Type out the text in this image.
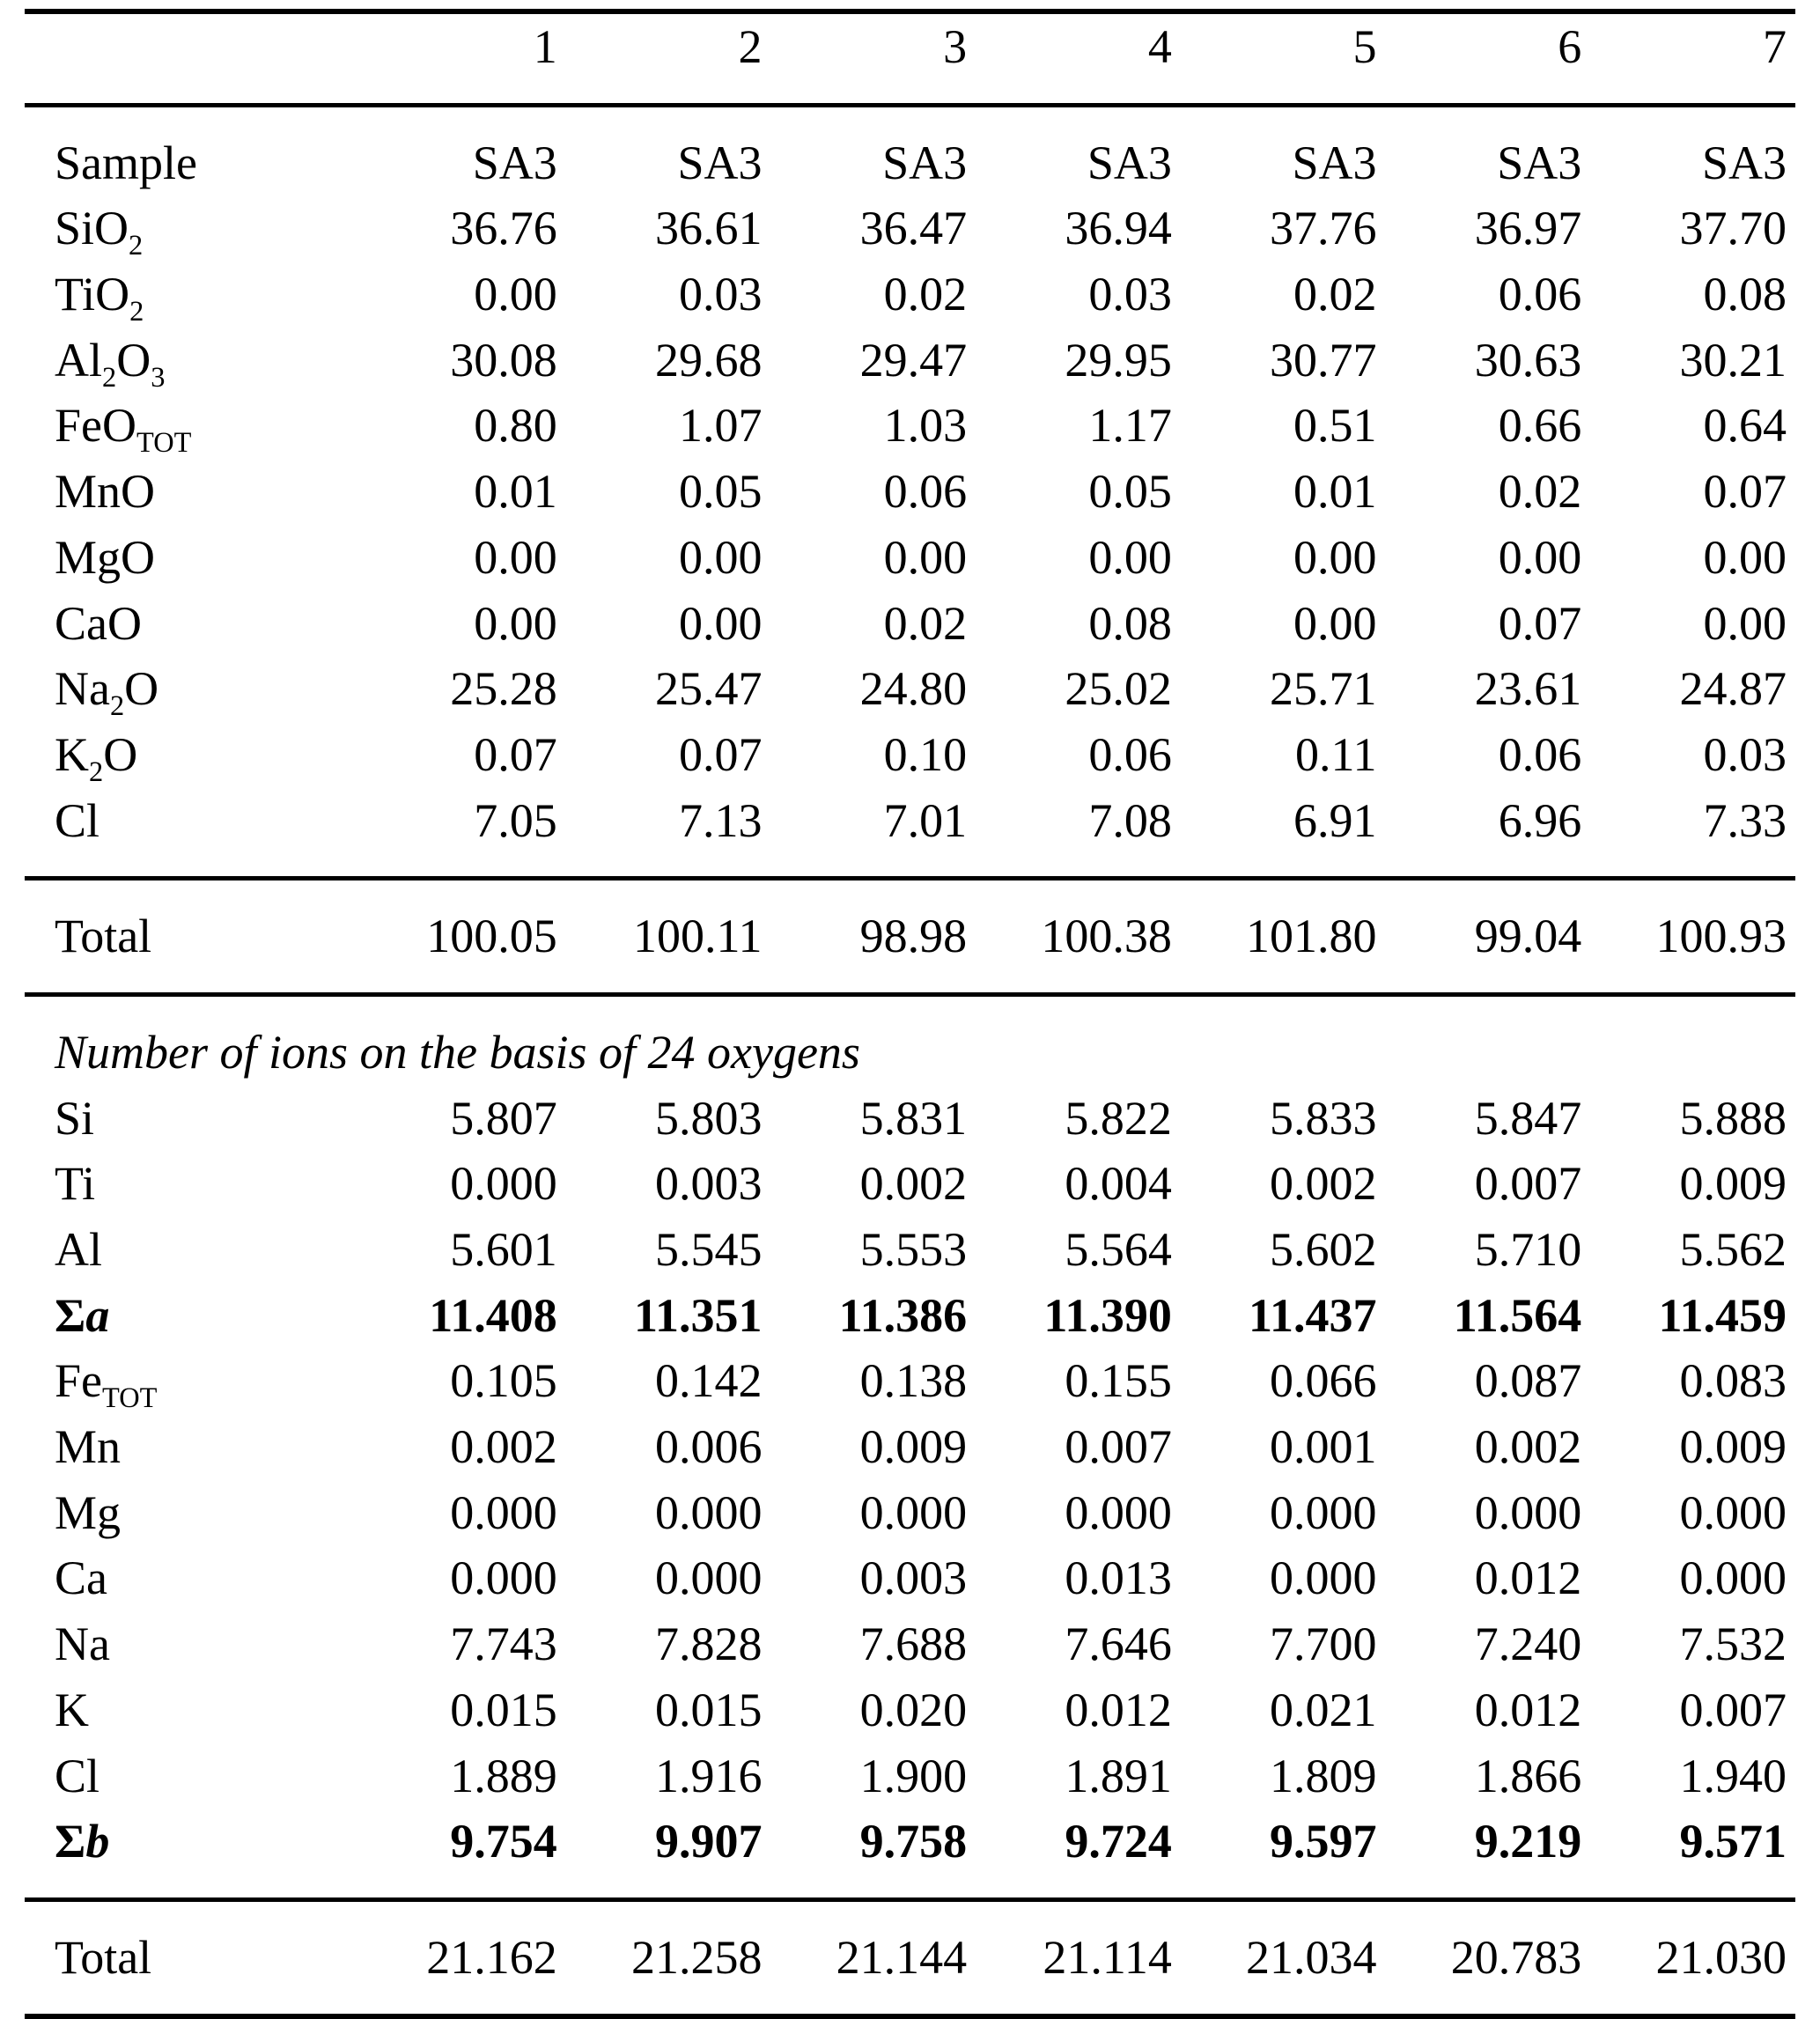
	1	2	3	4	5	6	7
Sample	SA3	SA3	SA3	SA3	SA3	SA3	SA3
SiO$_2$	36.76	36.61	36.47	36.94	37.76	36.97	37.70
TiO$_2$	0.00	0.03	0.02	0.03	0.02	0.06	0.08
$Al_2O_3$	30.08	29.68	29.47	29.95	30.77	30.63	30.21
FeO$_{TOT}$	0.80	1.07	1.03	1.17	0.51	0.66	0.64
MnO	0.01	0.05	0.06	0.05	0.01	0.02	0.07
MgO	0.00	0.00	0.00	0.00	0.00	0.00	0.00
CaO	0.00	0.00	0.02	0.08	0.00	0.07	0.00
$Na_2O$	25.28	25.47	24.80	25.02	25.71	23.61	24.87
$K_2O$	0.07	0.07	0.10	0.06	0.11	0.06	0.03
Cl	7.05	7.13	7.01	7.08	6.91	6.96	7.33
Total	100.05	100.11	98.98	100.38	101.80	99.04	100.93
Number of ions on the basis of 24 oxygens							
Si	5.807	5.803	5.831	5.822	5.833	5.847	5.888
Ti	0.000	0.003	0.002	0.004	0.002	0.007	0.009
Al	5.601	5.545	5.553	5.564	5.602	5.710	5.562
Σa	11.408	11.351	11.386	11.390	11.437	11.564	11.459
$Fe_{TOT}$	0.105	0.142	0.138	0.155	0.066	0.087	0.083
Mn	0.002	0.006	0.009	0.007	0.001	0.002	0.009
Mg	0.000	0.000	0.000	0.000	0.000	0.000	0.000
Ca	0.000	0.000	0.003	0.013	0.000	0.012	0.000
Na	7.743	7.828	7.688	7.646	7.700	7.240	7.532
K	0.015	0.015	0.020	0.012	0.021	0.012	0.007
Cl	1.889	1.916	1.900	1.891	1.809	1.866	1.940
Σb	9.754	9.907	9.758	9.724	9.597	9.219	9.571
Total	21.162	21.258	21.144	21.114	21.034	20.783	21.030
